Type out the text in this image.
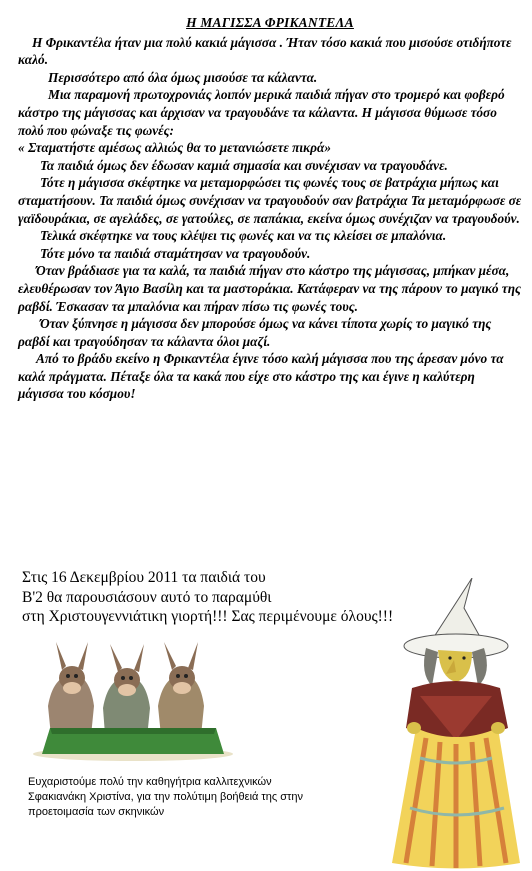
Η ΜΑΓΙΣΣΑ ΦΡΙΚΑΝΤΕΛΑ

Η Φρικαντέλα ήταν μια πολύ κακιά μάγισσα . Ήταν τόσο κακιά που μισούσε οτιδήποτε καλό.

Περισσότερο από όλα όμως μισούσε τα κάλαντα.

Μια παραμονή πρωτοχρονιάς λοιπόν μερικά παιδιά πήγαν στο τρομερό και φοβερό κάστρο της μάγισσας και άρχισαν να τραγουδάνε τα κάλαντα. Η μάγισσα θύμωσε τόσο πολύ που φώναξε τις φωνές:

« Σταματήστε αμέσως αλλιώς θα το μετανιώσετε πικρά»

Τα παιδιά όμως δεν έδωσαν καμιά σημασία και συνέχισαν να τραγουδάνε.

Τότε η μάγισσα σκέφτηκε να μεταμορφώσει τις φωνές τους σε βατράχια μήπως και σταματήσουν. Τα παιδιά όμως συνέχισαν να τραγουδούν σαν βατράχια Τα μεταμόρφωσε σε γαϊδουράκια, σε αγελάδες, σε γατούλες, σε παπάκια, εκείνα όμως συνέχιζαν να τραγουδούν.

Τελικά σκέφτηκε να τους κλέψει τις φωνές και να τις κλείσει σε μπαλόνια.

Τότε μόνο τα παιδιά σταμάτησαν να τραγουδούν.

Όταν βράδιασε για τα καλά, τα παιδιά πήγαν στο κάστρο της μάγισσας, μπήκαν μέσα, ελευθέρωσαν τον Άγιο Βασίλη και τα μαστοράκια. Κατάφεραν να της πάρουν το μαγικό της ραβδί. Έσκασαν τα μπαλόνια και πήραν πίσω τις φωνές τους.

Όταν ξύπνησε η μάγισσα δεν μπορούσε όμως να κάνει τίποτα χωρίς το μαγικό της ραβδί και τραγούδησαν τα κάλαντα όλοι μαζί.

Από το βράδυ εκείνο η Φρικαντέλα έγινε τόσο καλή μάγισσα που της άρεσαν μόνο τα καλά πράγματα. Πέταξε όλα τα κακά που είχε στο κάστρο της και έγινε η καλύτερη μάγισσα του κόσμου!

Στις 16 Δεκεμβρίου 2011 τα παιδιά του

Β'2 θα παρουσιάσουν αυτό το παραμύθι

στη Χριστουγεννιάτικη γιορτή!!! Σας περιμένουμε όλους!!!

Ευχαριστούμε πολύ την καθηγήτρια καλλιτεχνικών Σφακιανάκη Χριστίνα, για την πολύτιμη βοήθειά της στην προετοιμασία των σκηνικών
